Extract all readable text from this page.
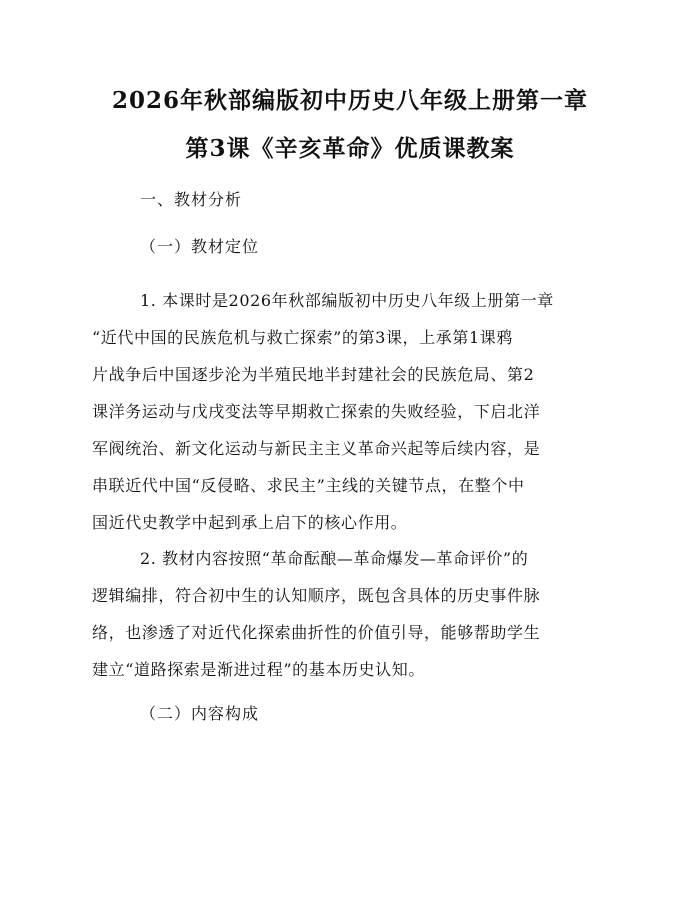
2026年秋部编版初中历史八年级上册第一章
第3课《辛亥革命》优质课教案
一、教材分析
（一）教材定位
1. 本课时是2026年秋部编版初中历史八年级上册第一章
“近代中国的民族危机与救亡探索”的第3课，上承第1课鸦
片战争后中国逐步沦为半殖民地半封建社会的民族危局、第2
课洋务运动与戊戌变法等早期救亡探索的失败经验，下启北洋
军阀统治、新文化运动与新民主主义革命兴起等后续内容，是
串联近代中国“反侵略、求民主”主线的关键节点，在整个中
国近代史教学中起到承上启下的核心作用。
2. 教材内容按照“革命酝酿—革命爆发—革命评价”的
逻辑编排，符合初中生的认知顺序，既包含具体的历史事件脉
络，也渗透了对近代化探索曲折性的价值引导，能够帮助学生
建立“道路探索是渐进过程”的基本历史认知。
（二）内容构成
